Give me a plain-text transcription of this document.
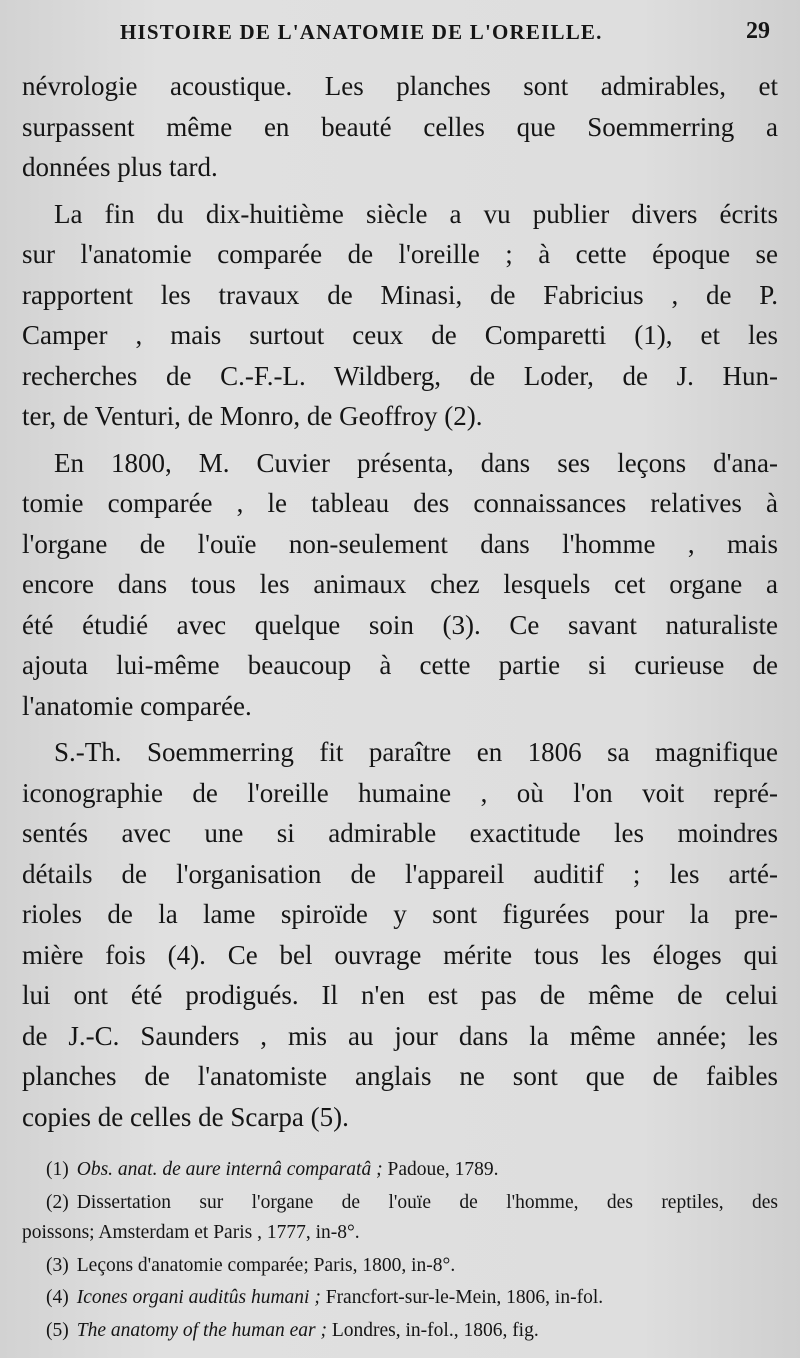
HISTOIRE DE L'ANATOMIE DE L'OREILLE.	29
névrologie acoustique. Les planches sont admirables, et
surpassent même en beauté celles que Soemmerring a
données plus tard.
La fin du dix-huitième siècle a vu publier divers écrits
sur l'anatomie comparée de l'oreille ; à cette époque se
rapportent les travaux de Minasi, de Fabricius , de P.
Camper , mais surtout ceux de Comparetti (1), et les
recherches de C.-F.-L. Wildberg, de Loder, de J. Hun-
ter, de Venturi, de Monro, de Geoffroy (2).
En 1800, M. Cuvier présenta, dans ses leçons d'ana-
tomie comparée , le tableau des connaissances relatives à
l'organe de l'ouïe non-seulement dans l'homme , mais
encore dans tous les animaux chez lesquels cet organe a
été étudié avec quelque soin (3). Ce savant naturaliste
ajouta lui-même beaucoup à cette partie si curieuse de
l'anatomie comparée.
S.-Th. Soemmerring fit paraître en 1806 sa magnifique
iconographie de l'oreille humaine , où l'on voit repré-
sentés avec une si admirable exactitude les moindres
détails de l'organisation de l'appareil auditif ; les arté-
rioles de la lame spiroïde y sont figurées pour la pre-
mière fois (4). Ce bel ouvrage mérite tous les éloges qui
lui ont été prodigués. Il n'en est pas de même de celui
de J.-C. Saunders , mis au jour dans la même année; les
planches de l'anatomiste anglais ne sont que de faibles
copies de celles de Scarpa (5).
(1) Obs. anat. de aure internâ comparatâ ; Padoue, 1789.
(2) Dissertation sur l'organe de l'ouïe de l'homme, des reptiles, des
poissons; Amsterdam et Paris , 1777, in-8°.
(3) Leçons d'anatomie comparée; Paris, 1800, in-8°.
(4) Icones organi auditûs humani ; Francfort-sur-le-Mein, 1806, in-fol.
(5) The anatomy of the human ear ; Londres, in-fol., 1806, fig.
